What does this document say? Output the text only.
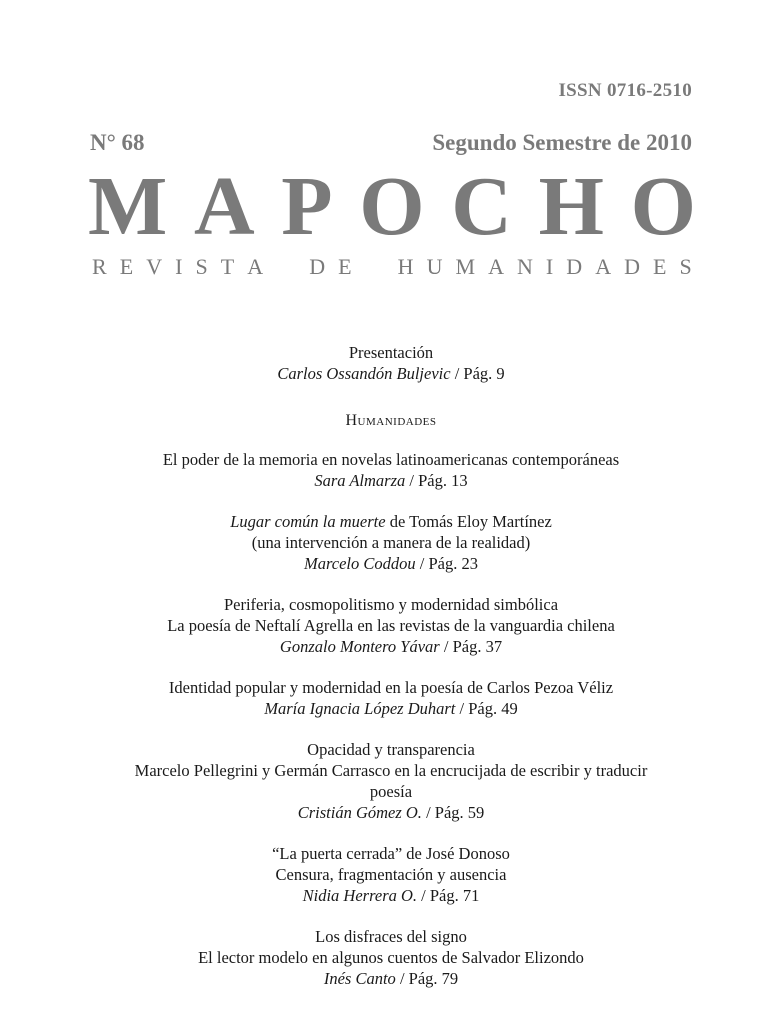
ISSN 0716-2510
N° 68	Segundo Semestre de 2010
M A P O C H O
R E V I S T A D E H U M A N I D A D E S
Presentación
Carlos Ossandón Buljevic / Pág. 9
Humanidades
El poder de la memoria en novelas latinoamericanas contemporáneas
Sara Almarza / Pág. 13
Lugar común la muerte de Tomás Eloy Martínez
(una intervención a manera de la realidad)
Marcelo Coddou / Pág. 23
Periferia, cosmopolitismo y modernidad simbólica
La poesía de Neftalí Agrella en las revistas de la vanguardia chilena
Gonzalo Montero Yávar / Pág. 37
Identidad popular y modernidad en la poesía de Carlos Pezoa Véliz
María Ignacia López Duhart / Pág. 49
Opacidad y transparencia
Marcelo Pellegrini y Germán Carrasco en la encrucijada de escribir y traducir
poesía
Cristián Gómez O. / Pág. 59
“La puerta cerrada” de José Donoso
Censura, fragmentación y ausencia
Nidia Herrera O. / Pág. 71
Los disfraces del signo
El lector modelo en algunos cuentos de Salvador Elizondo
Inés Canto / Pág. 79
